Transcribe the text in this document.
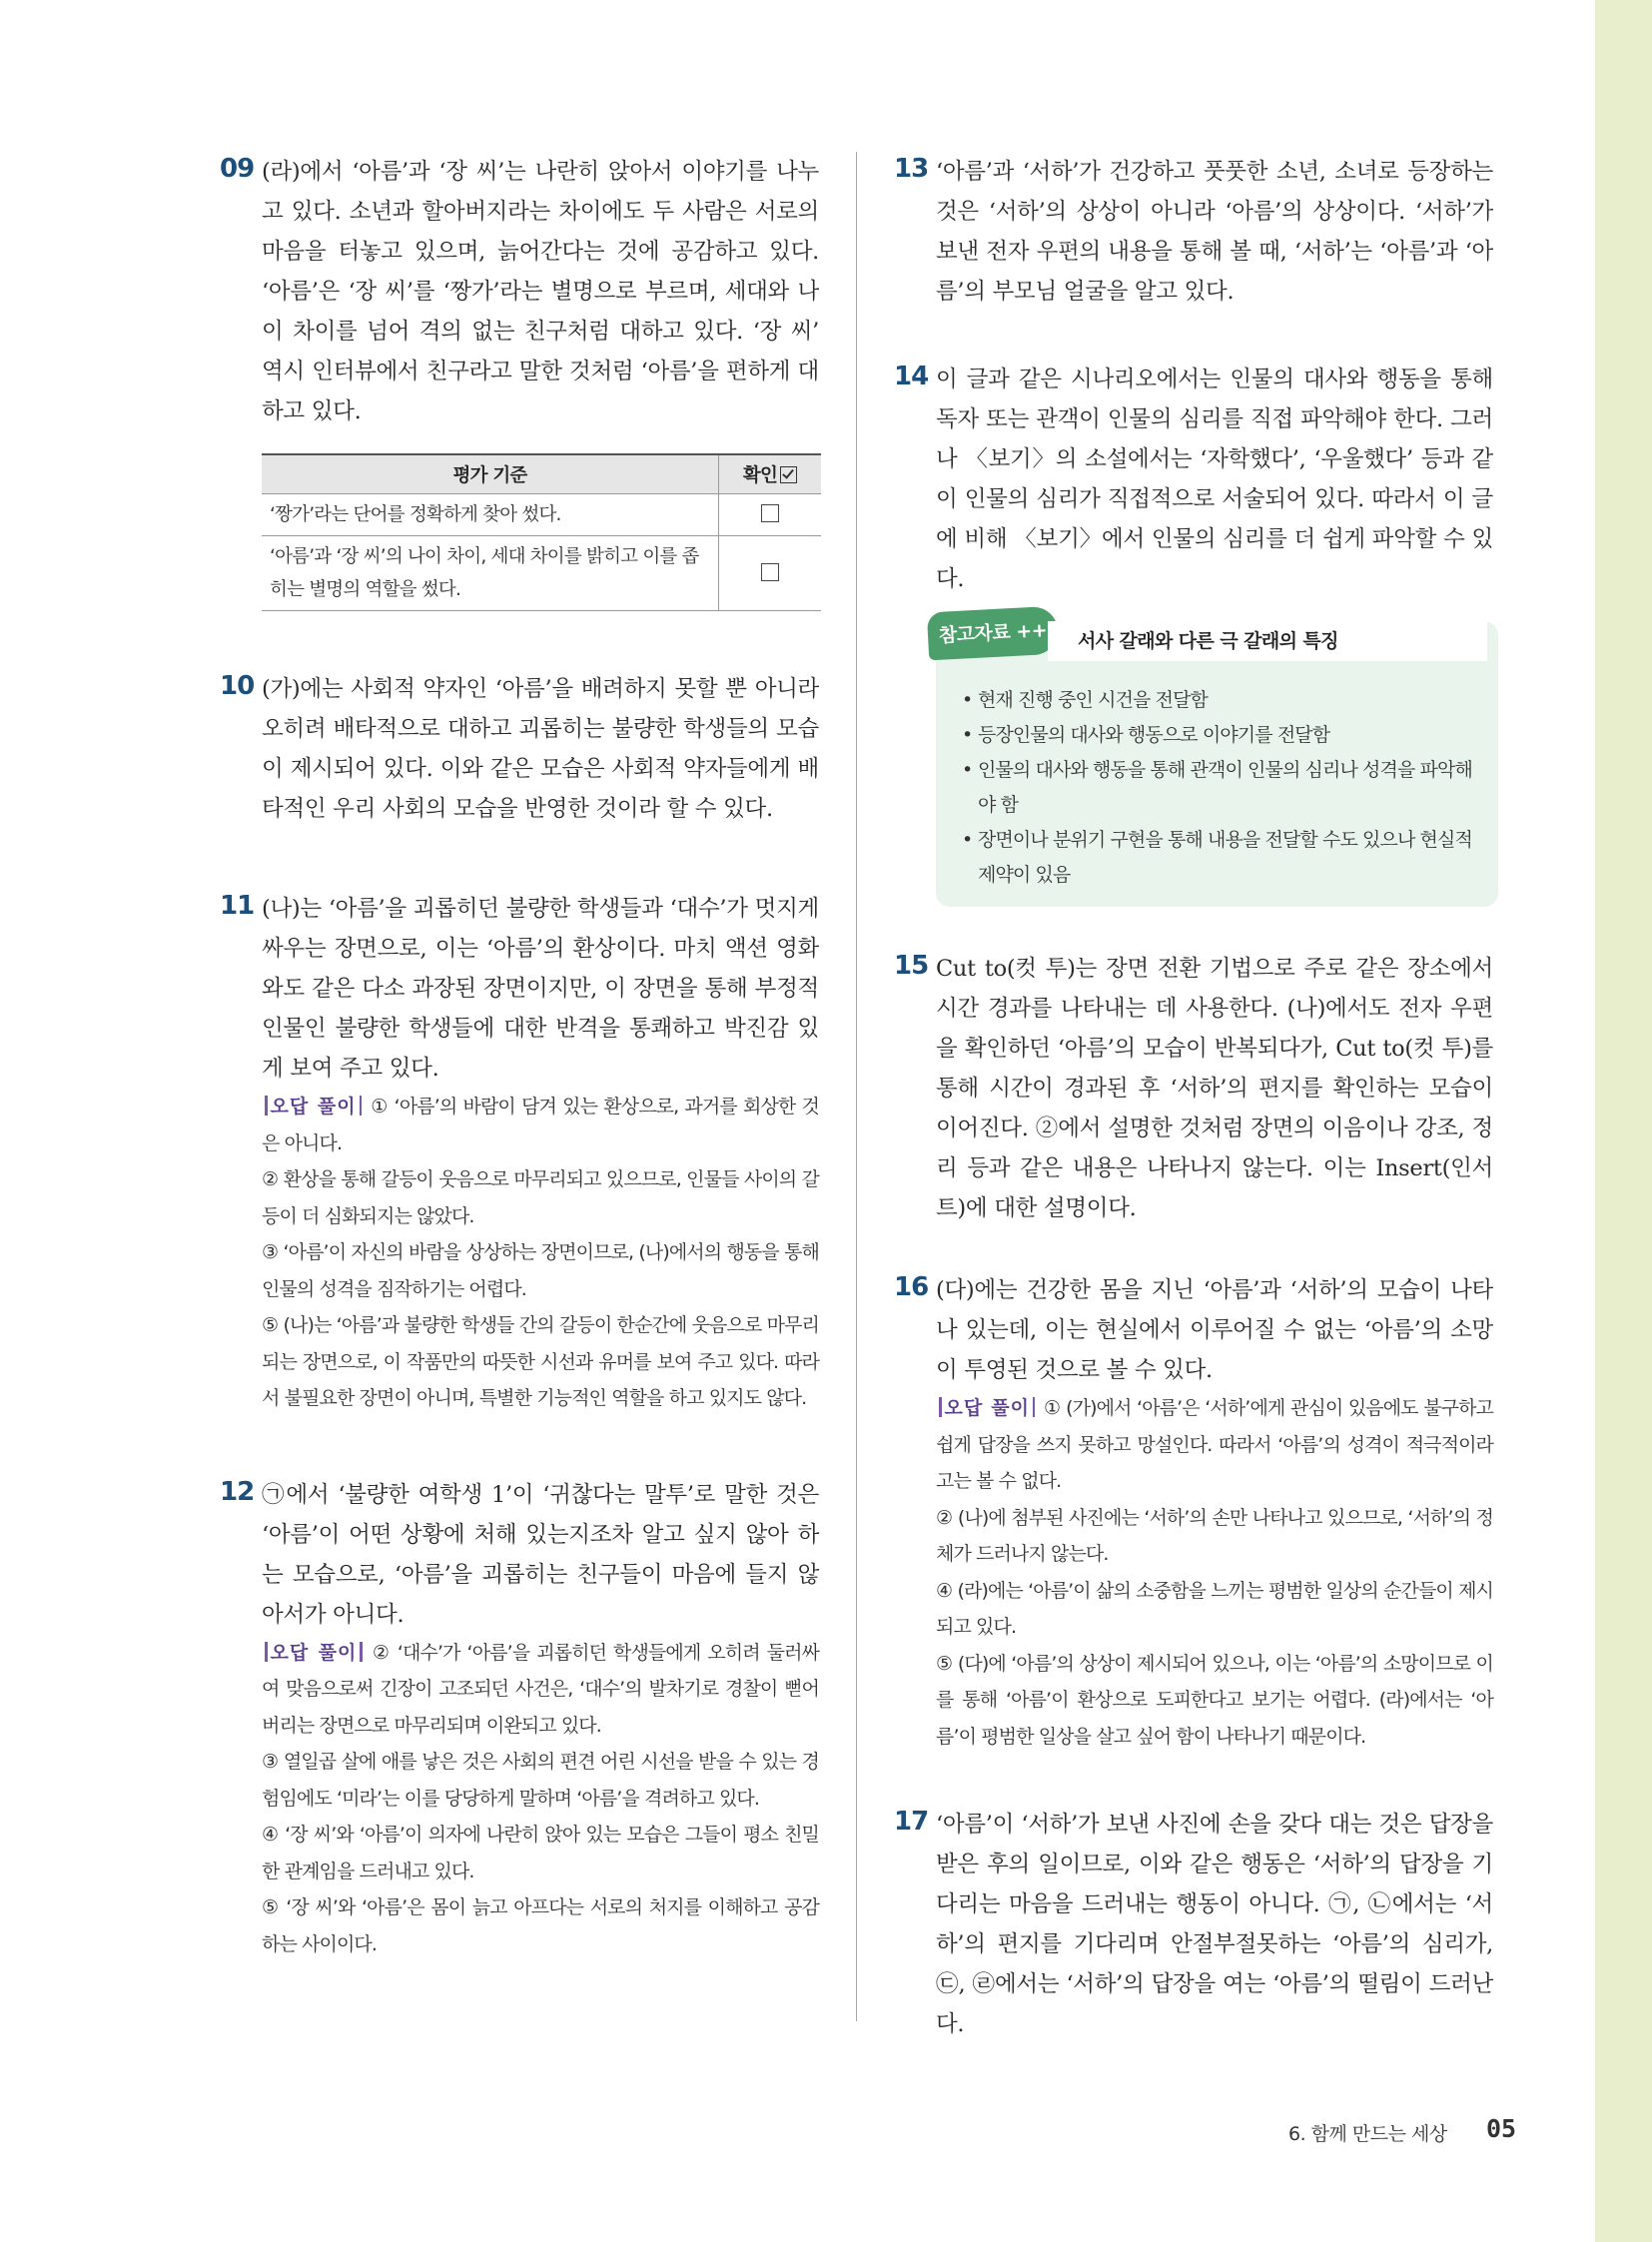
09 (라)에서 ‘아름’과 ‘장 씨’는 나란히 앉아서 이야기를 나누고 있다. 소년과 할아버지라는 차이에도 두 사람은 서로의 마음을 터놓고 있으며, 늙어간다는 것에 공감하고 있다. ‘아름’은 ‘장 씨’를 ‘짱가’라는 별명으로 부르며, 세대와 나이 차이를 넘어 격의 없는 친구처럼 대하고 있다. ‘장 씨’ 역시 인터뷰에서 친구라고 말한 것처럼 ‘아름’을 편하게 대하고 있다.
평가 기준	확인
‘짱가’라는 단어를 정확하게 찾아 썼다.	
‘아름’과 ‘장 씨’의 나이 차이, 세대 차이를 밝히고 이를 좁히는 별명의 역할을 썼다.	
10 (가)에는 사회적 약자인 ‘아름’을 배려하지 못할 뿐 아니라 오히려 배타적으로 대하고 괴롭히는 불량한 학생들의 모습이 제시되어 있다. 이와 같은 모습은 사회적 약자들에게 배타적인 우리 사회의 모습을 반영한 것이라 할 수 있다.
11 (나)는 ‘아름’을 괴롭히던 불량한 학생들과 ‘대수’가 멋지게 싸우는 장면으로, 이는 ‘아름’의 환상이다. 마치 액션 영화와도 같은 다소 과장된 장면이지만, 이 장면을 통해 부정적 인물인 불량한 학생들에 대한 반격을 통쾌하고 박진감 있게 보여 주고 있다.
오답 풀이 ① ‘아름’의 바람이 담겨 있는 환상으로, 과거를 회상한 것은 아니다.
② 환상을 통해 갈등이 웃음으로 마무리되고 있으므로, 인물들 사이의 갈등이 더 심화되지는 않았다.
③ ‘아름’이 자신의 바람을 상상하는 장면이므로, (나)에서의 행동을 통해 인물의 성격을 짐작하기는 어렵다.
⑤ (나)는 ‘아름’과 불량한 학생들 간의 갈등이 한순간에 웃음으로 마무리되는 장면으로, 이 작품만의 따뜻한 시선과 유머를 보여 주고 있다. 따라서 불필요한 장면이 아니며, 특별한 기능적인 역할을 하고 있지도 않다.
12 ㉠에서 ‘불량한 여학생 1’이 ‘귀찮다는 말투’로 말한 것은 ‘아름’이 어떤 상황에 처해 있는지조차 알고 싶지 않아 하는 모습으로, ‘아름’을 괴롭히는 친구들이 마음에 들지 않아서가 아니다.
오답 풀이 ② ‘대수’가 ‘아름’을 괴롭히던 학생들에게 오히려 둘러싸여 맞음으로써 긴장이 고조되던 사건은, ‘대수’의 발차기로 경찰이 뻗어 버리는 장면으로 마무리되며 이완되고 있다.
③ 열일곱 살에 애를 낳은 것은 사회의 편견 어린 시선을 받을 수 있는 경험임에도 ‘미라’는 이를 당당하게 말하며 ‘아름’을 격려하고 있다.
④ ‘장 씨’와 ‘아름’이 의자에 나란히 앉아 있는 모습은 그들이 평소 친밀한 관계임을 드러내고 있다.
⑤ ‘장 씨’와 ‘아름’은 몸이 늙고 아프다는 서로의 처지를 이해하고 공감하는 사이이다.
13 ‘아름’과 ‘서하’가 건강하고 풋풋한 소년, 소녀로 등장하는 것은 ‘서하’의 상상이 아니라 ‘아름’의 상상이다. ‘서하’가 보낸 전자 우편의 내용을 통해 볼 때, ‘서하’는 ‘아름’과 ‘아름’의 부모님 얼굴을 알고 있다.
14 이 글과 같은 시나리오에서는 인물의 대사와 행동을 통해 독자 또는 관객이 인물의 심리를 직접 파악해야 한다. 그러나 〈보기〉의 소설에서는 ‘자학했다’, ‘우울했다’ 등과 같이 인물의 심리가 직접적으로 서술되어 있다. 따라서 이 글에 비해 〈보기〉에서 인물의 심리를 더 쉽게 파악할 수 있다.
참고자료 ++	서사 갈래와 다른 극 갈래의 특징
• 현재 진행 중인 시건을 전달함
• 등장인물의 대사와 행동으로 이야기를 전달함
• 인물의 대사와 행동을 통해 관객이 인물의 심리나 성격을 파악해야 함
• 장면이나 분위기 구현을 통해 내용을 전달할 수도 있으나 현실적 제약이 있음
15 Cut to(컷 투)는 장면 전환 기법으로 주로 같은 장소에서 시간 경과를 나타내는 데 사용한다. (나)에서도 전자 우편을 확인하던 ‘아름’의 모습이 반복되다가, Cut to(컷 투)를 통해 시간이 경과된 후 ‘서하’의 편지를 확인하는 모습이 이어진다. ②에서 설명한 것처럼 장면의 이음이나 강조, 정리 등과 같은 내용은 나타나지 않는다. 이는 Insert(인서트)에 대한 설명이다.
16 (다)에는 건강한 몸을 지닌 ‘아름’과 ‘서하’의 모습이 나타나 있는데, 이는 현실에서 이루어질 수 없는 ‘아름’의 소망이 투영된 것으로 볼 수 있다.
오답 풀이 ① (가)에서 ‘아름’은 ‘서하’에게 관심이 있음에도 불구하고 쉽게 답장을 쓰지 못하고 망설인다. 따라서 ‘아름’의 성격이 적극적이라고는 볼 수 없다.
② (나)에 첨부된 사진에는 ‘서하’의 손만 나타나고 있으므로, ‘서하’의 정체가 드러나지 않는다.
④ (라)에는 ‘아름’이 삶의 소중함을 느끼는 평범한 일상의 순간들이 제시되고 있다.
⑤ (다)에 ‘아름’의 상상이 제시되어 있으나, 이는 ‘아름’의 소망이므로 이를 통해 ‘아름’이 환상으로 도피한다고 보기는 어렵다. (라)에서는 ‘아름’이 평범한 일상을 살고 싶어 함이 나타나기 때문이다.
17 ‘아름’이 ‘서하’가 보낸 사진에 손을 갖다 대는 것은 답장을 받은 후의 일이므로, 이와 같은 행동은 ‘서하’의 답장을 기다리는 마음을 드러내는 행동이 아니다. ㉠, ㉡에서는 ‘서하’의 편지를 기다리며 안절부절못하는 ‘아름’의 심리가, ㉢, ㉣에서는 ‘서하’의 답장을 여는 ‘아름’의 떨림이 드러난다.
6. 함께 만드는 세상 05
